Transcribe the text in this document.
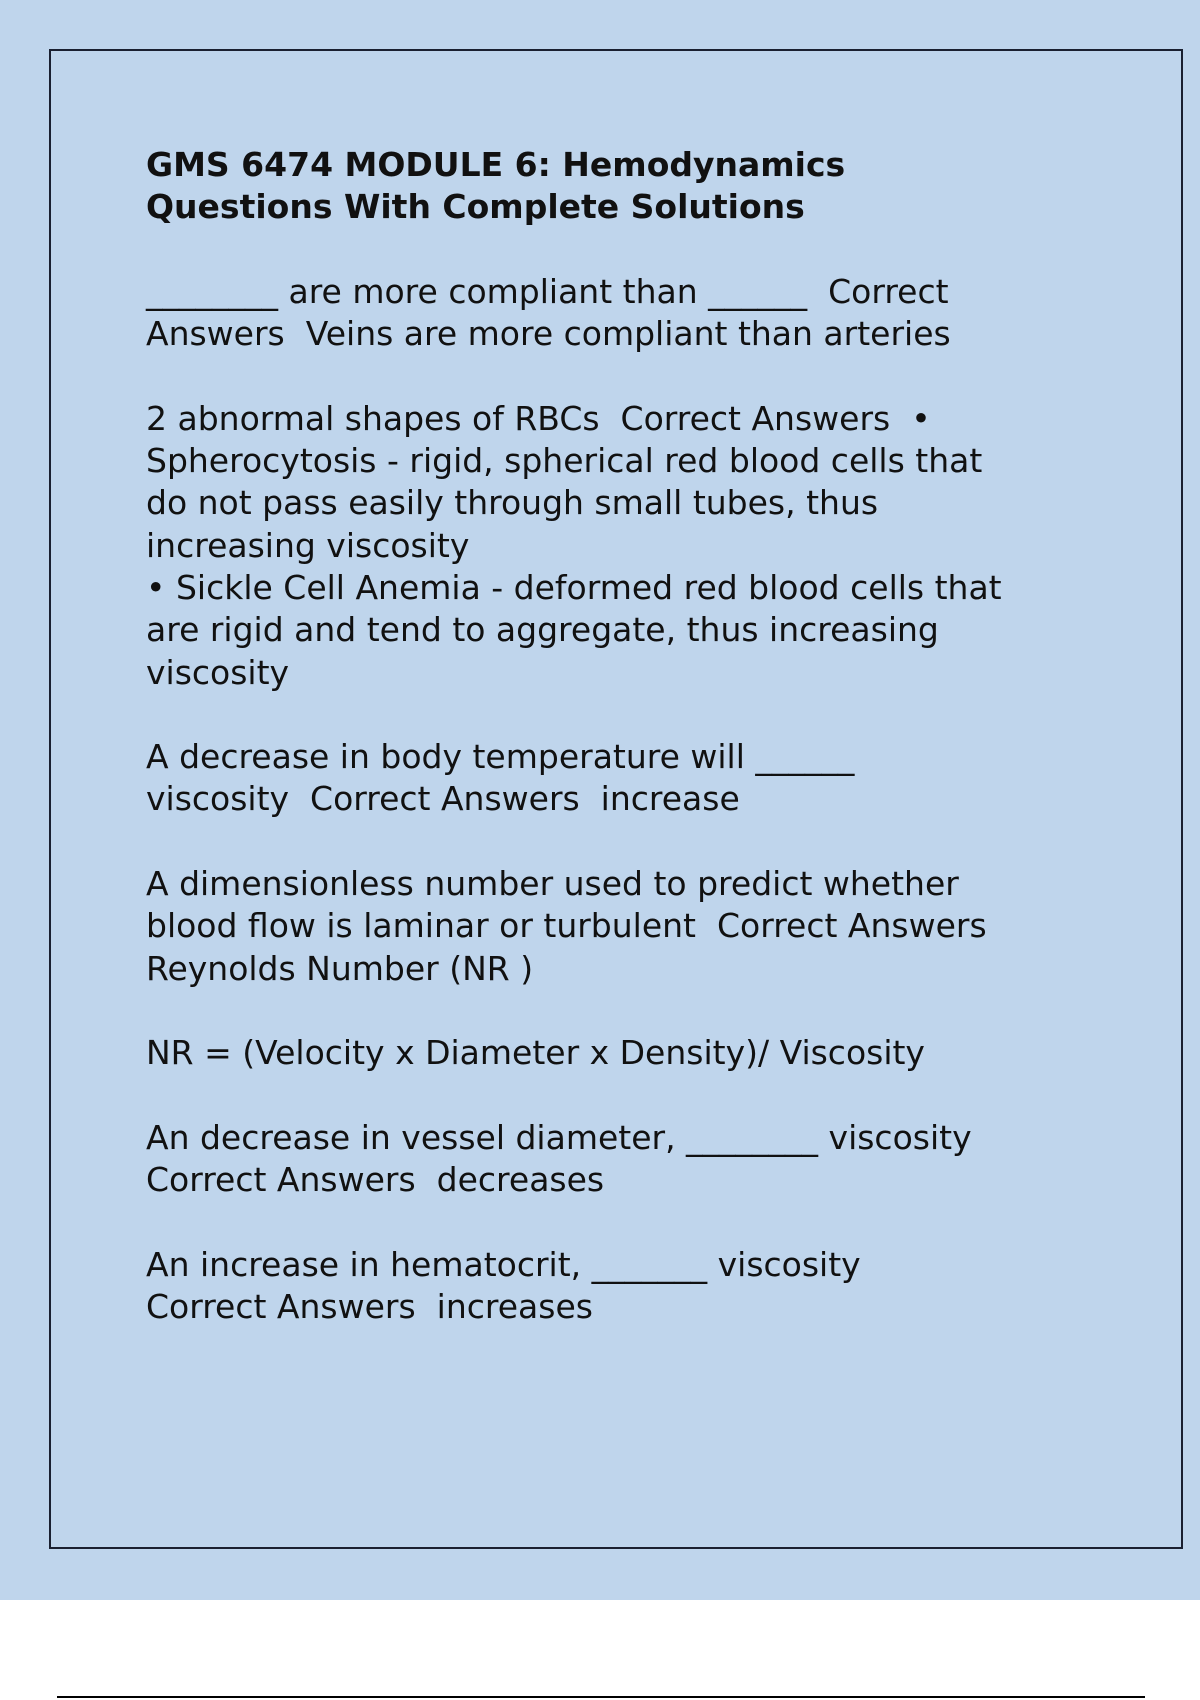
GMS 6474 MODULE 6: Hemodynamics
Questions With Complete Solutions
________ are more compliant than ______  Correct
Answers  Veins are more compliant than arteries
2 abnormal shapes of RBCs  Correct Answers  •
Spherocytosis - rigid, spherical red blood cells that
do not pass easily through small tubes, thus
increasing viscosity
• Sickle Cell Anemia - deformed red blood cells that
are rigid and tend to aggregate, thus increasing
viscosity
A decrease in body temperature will ______
viscosity  Correct Answers  increase
A dimensionless number used to predict whether
blood flow is laminar or turbulent  Correct Answers
Reynolds Number (NR )
NR = (Velocity x Diameter x Density)/ Viscosity
An decrease in vessel diameter, ________ viscosity
Correct Answers  decreases
An increase in hematocrit, _______ viscosity
Correct Answers  increases
